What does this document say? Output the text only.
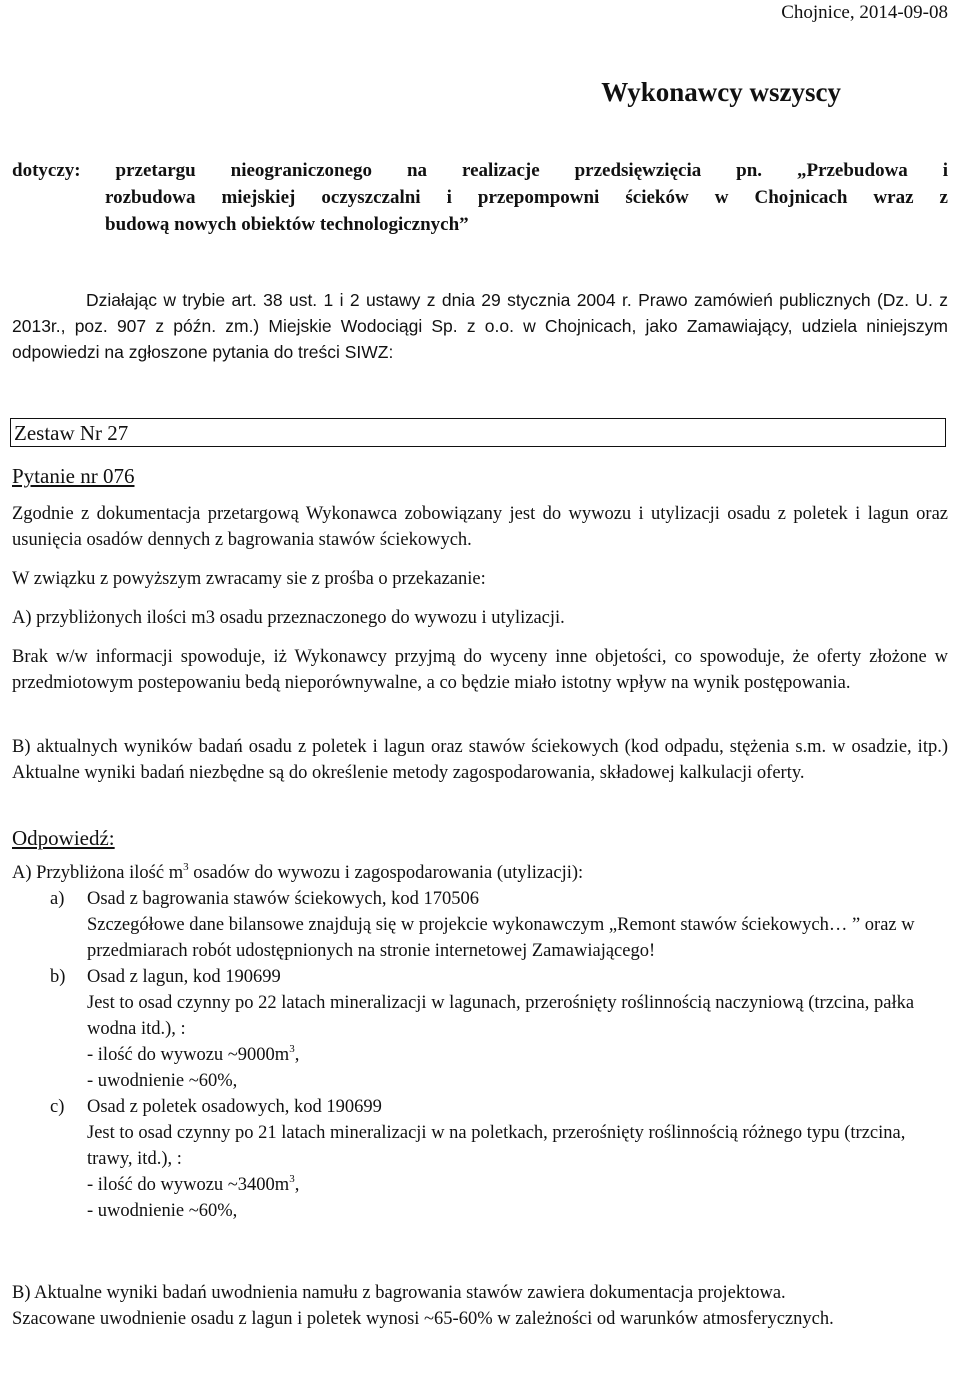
Chojnice, 2014-09-08
Wykonawcy wszyscy
dotyczy: przetargu nieograniczonego na realizacje przedsięwzięcia pn. „Przebudowa i
rozbudowa miejskiej oczyszczalni i przepompowni ścieków w Chojnicach wraz z
budową nowych obiektów technologicznych”
Działając w trybie art. 38 ust. 1 i 2 ustawy z dnia 29 stycznia 2004 r. Prawo zamówień publicznych (Dz. U. z 2013r., poz. 907 z późn. zm.) Miejskie Wodociągi Sp. z o.o. w Chojnicach, jako Zamawiający, udziela niniejszym odpowiedzi na zgłoszone pytania do treści SIWZ:
Zestaw Nr 27
Pytanie nr 076
Zgodnie z dokumentacja przetargową Wykonawca zobowiązany jest do wywozu i utylizacji osadu z poletek i lagun oraz usunięcia osadów dennych z bagrowania stawów ściekowych.
W związku z powyższym zwracamy sie z prośba o przekazanie:
A) przybliżonych ilości m3 osadu przeznaczonego do wywozu i utylizacji.
Brak w/w informacji spowoduje, iż Wykonawcy przyjmą do wyceny inne objetości, co spowoduje, że oferty złożone w przedmiotowym postepowaniu bedą nieporównywalne, a co będzie miało istotny wpływ na wynik postępowania.
B) aktualnych wyników badań osadu z poletek i lagun oraz stawów ściekowych (kod odpadu, stężenia s.m. w osadzie, itp.) Aktualne wyniki badań niezbędne są do określenie metody zagospodarowania, składowej kalkulacji oferty.
Odpowiedź:
A) Przybliżona ilość $m^3$ osadów do wywozu i zagospodarowania (utylizacji):
a) Osad z bagrowania stawów ściekowych, kod 170506
Szczegółowe dane bilansowe znajdują się w projekcie wykonawczym „Remont stawów ściekowych… ” oraz w przedmiarach robót udostępnionych na stronie internetowej Zamawiającego!
b) Osad z lagun, kod 190699
Jest to osad czynny po 22 latach mineralizacji w lagunach, przerośnięty roślinnością naczyniową (trzcina, pałka wodna itd.), :
- ilość do wywozu $\sim 9000m^3$,
- uwodnienie ~60%,
c) Osad z poletek osadowych, kod 190699
Jest to osad czynny po 21 latach mineralizacji w na poletkach, przerośnięty roślinnością różnego typu (trzcina, trawy, itd.), :
- ilość do wywozu $\sim 3400m^3$,
- uwodnienie ~60%,
B) Aktualne wyniki badań uwodnienia namułu z bagrowania stawów zawiera dokumentacja projektowa.
Szacowane uwodnienie osadu z lagun i poletek wynosi ~65-60% w zależności od warunków atmosferycznych.
